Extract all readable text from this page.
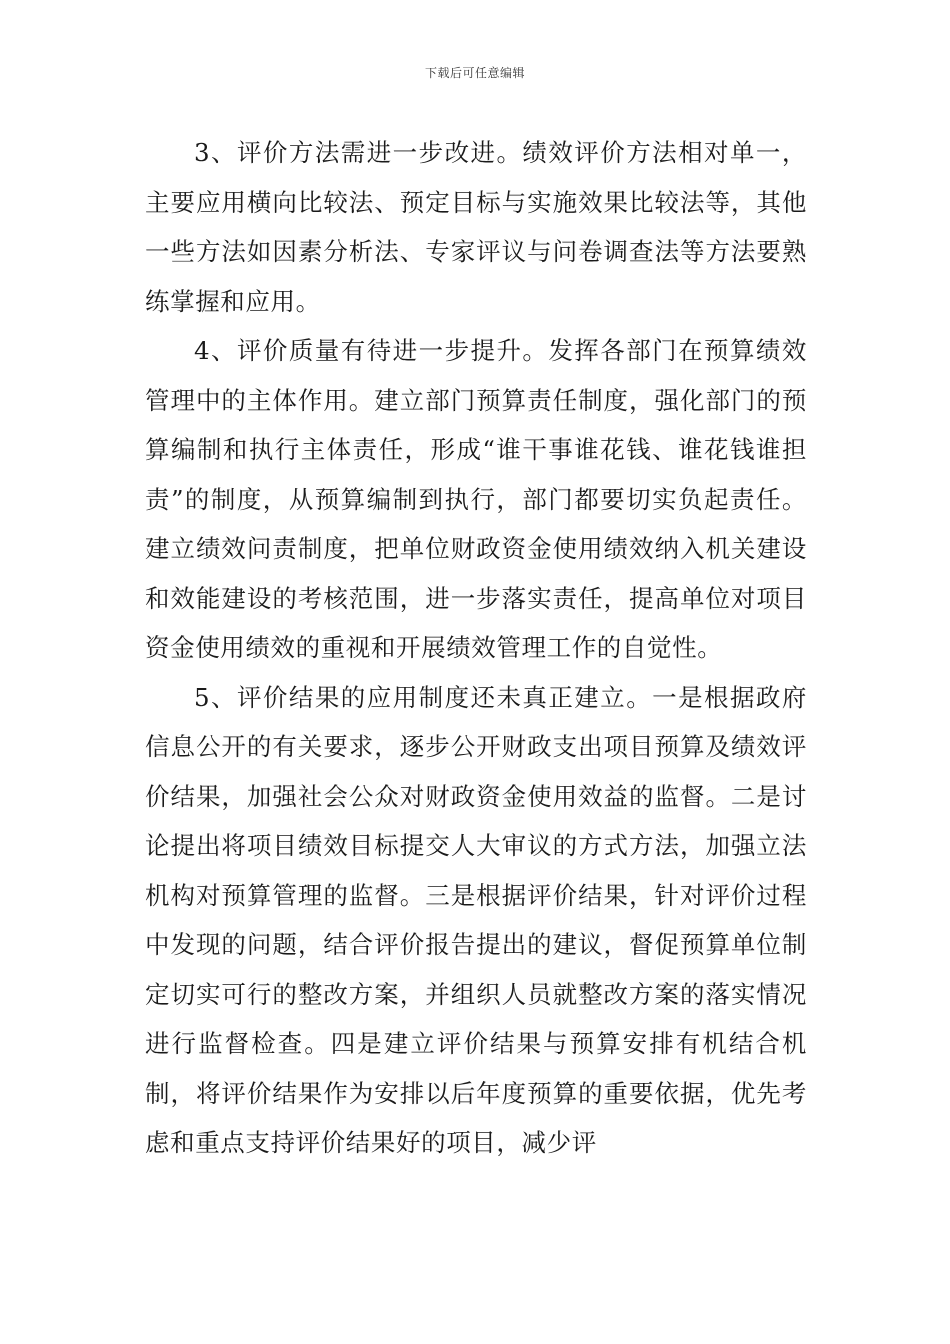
下载后可任意编辑

3、评价方法需进一步改进。绩效评价方法相对单一，主要应用横向比较法、预定目标与实施效果比较法等，其他一些方法如因素分析法、专家评议与问卷调查法等方法要熟练掌握和应用。

4、评价质量有待进一步提升。发挥各部门在预算绩效管理中的主体作用。建立部门预算责任制度，强化部门的预算编制和执行主体责任，形成“谁干事谁花钱、谁花钱谁担责”的制度，从预算编制到执行，部门都要切实负起责任。建立绩效问责制度，把单位财政资金使用绩效纳入机关建设和效能建设的考核范围，进一步落实责任，提高单位对项目资金使用绩效的重视和开展绩效管理工作的自觉性。

5、评价结果的应用制度还未真正建立。一是根据政府信息公开的有关要求，逐步公开财政支出项目预算及绩效评价结果，加强社会公众对财政资金使用效益的监督。二是讨论提出将项目绩效目标提交人大审议的方式方法，加强立法机构对预算管理的监督。三是根据评价结果，针对评价过程中发现的问题，结合评价报告提出的建议，督促预算单位制定切实可行的整改方案，并组织人员就整改方案的落实情况进行监督检查。四是建立评价结果与预算安排有机结合机制，将评价结果作为安排以后年度预算的重要依据，优先考虑和重点支持评价结果好的项目，减少评
